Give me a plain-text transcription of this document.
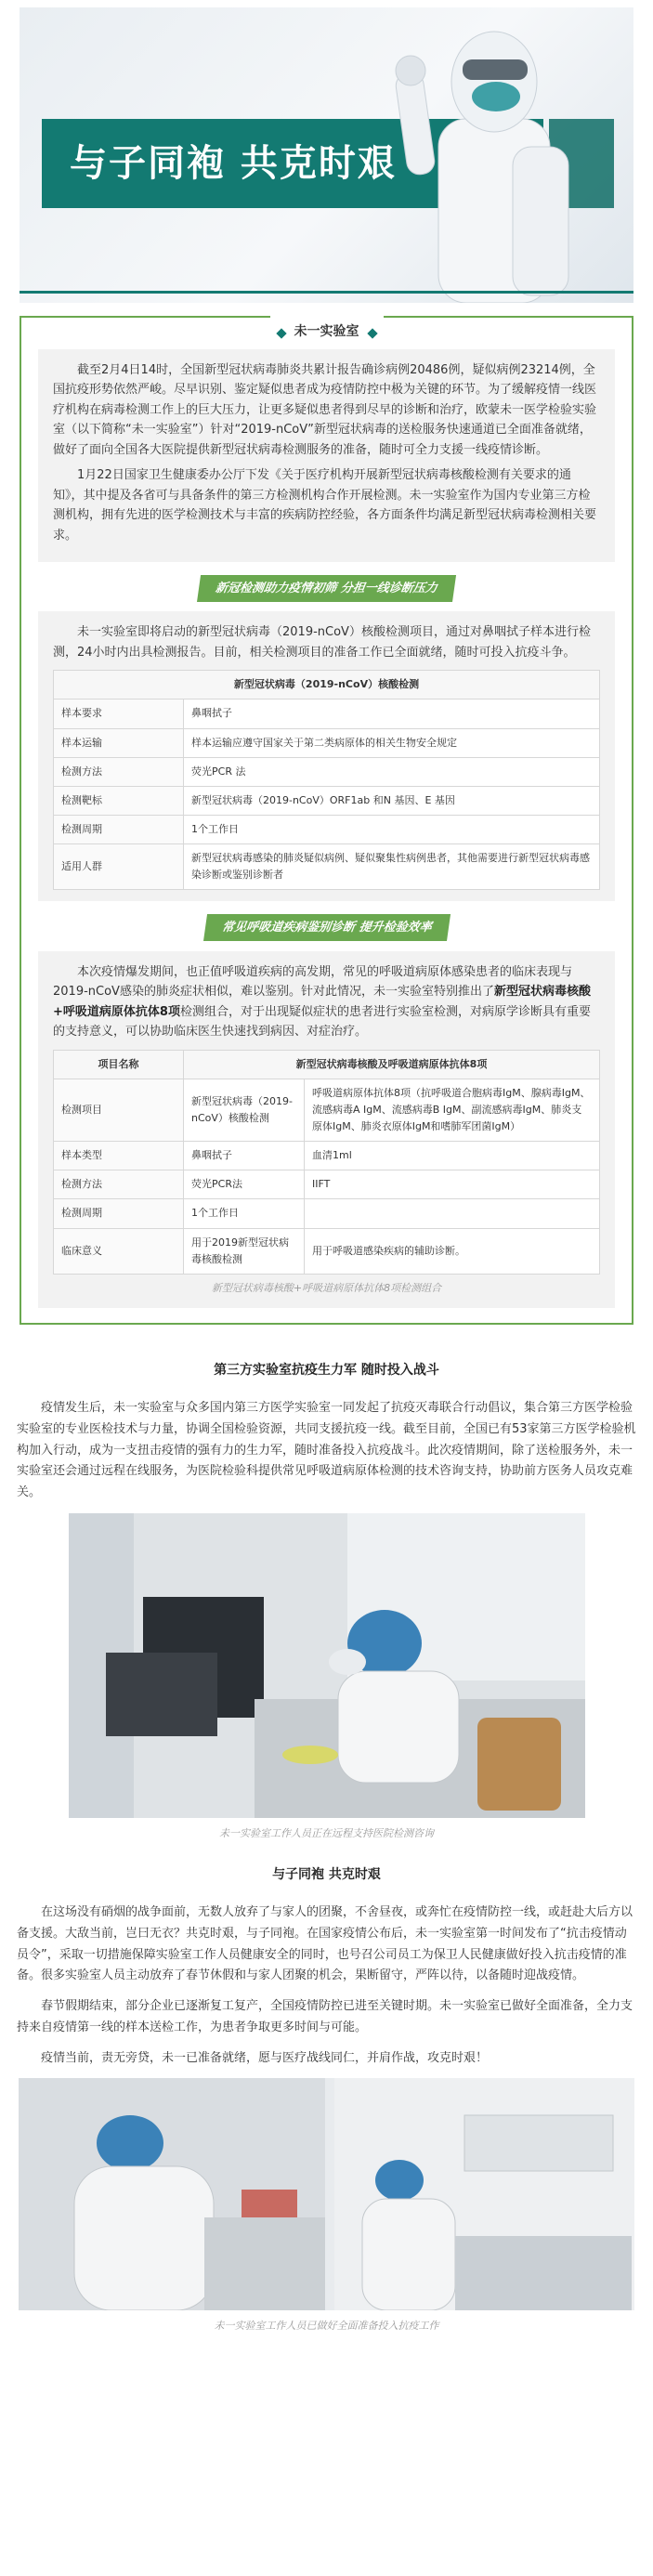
与子同袍 共克时艰
未一实验室

截至2月4日14时，全国新型冠状病毒肺炎共累计报告确诊病例20486例，疑似病例23214例，全国抗疫形势依然严峻。尽早识别、鉴定疑似患者成为疫情防控中极为关键的环节。为了缓解疫情一线医疗机构在病毒检测工作上的巨大压力，让更多疑似患者得到尽早的诊断和治疗，欧蒙未一医学检验实验室（以下简称“未一实验室”）针对“2019-nCoV”新型冠状病毒的送检服务快速通道已全面准备就绪，做好了面向全国各大医院提供新型冠状病毒检测服务的准备，随时可全力支援一线疫情诊断。

1月22日国家卫生健康委办公厅下发《关于医疗机构开展新型冠状病毒核酸检测有关要求的通知》，其中提及各省可与具备条件的第三方检测机构合作开展检测。未一实验室作为国内专业第三方检测机构，拥有先进的医学检测技术与丰富的疾病防控经验，各方面条件均满足新型冠状病毒检测相关要求。

新冠检测助力疫情初筛 分担一线诊断压力

未一实验室即将启动的新型冠状病毒（2019-nCoV）核酸检测项目，通过对鼻咽拭子样本进行检测，24小时内出具检测报告。目前，相关检测项目的准备工作已全面就绪，随时可投入抗疫斗争。

新型冠状病毒（2019-nCoV）核酸检测	
样本要求	鼻咽拭子
样本运输	样本运输应遵守国家关于第二类病原体的相关生物安全规定
检测方法	荧光PCR 法
检测靶标	新型冠状病毒（2019-nCoV）ORF1ab 和N 基因、E 基因
检测周期	1个工作日
适用人群	新型冠状病毒感染的肺炎疑似病例、疑似聚集性病例患者，其他需要进行新型冠状病毒感染诊断或鉴别诊断者
常见呼吸道疾病鉴别诊断 提升检验效率

本次疫情爆发期间，也正值呼吸道疾病的高发期，常见的呼吸道病原体感染患者的临床表现与2019-nCoV感染的肺炎症状相似，难以鉴别。针对此情况，未一实验室特别推出了新型冠状病毒核酸+呼吸道病原体抗体8项检测组合，对于出现疑似症状的患者进行实验室检测，对病原学诊断具有重要的支持意义，可以协助临床医生快速找到病因、对症治疗。

项目名称	新型冠状病毒核酸及呼吸道病原体抗体8项	
检测项目	新型冠状病毒（2019-nCoV）核酸检测	呼吸道病原体抗体8项（抗呼吸道合胞病毒IgM、腺病毒IgM、流感病毒A IgM、流感病毒B IgM、副流感病毒IgM、肺炎支原体IgM、肺炎衣原体IgM和嗜肺军团菌IgM）
样本类型	鼻咽拭子	血清1ml
检测方法	荧光PCR法	IIFT
检测周期	1个工作日	
临床意义	用于2019新型冠状病毒核酸检测	用于呼吸道感染疾病的辅助诊断。
新型冠状病毒核酸+呼吸道病原体抗体8项检测组合
第三方实验室抗疫生力军 随时投入战斗

疫情发生后，未一实验室与众多国内第三方医学实验室一同发起了抗疫灭毒联合行动倡议，集合第三方医学检验实验室的专业医检技术与力量，协调全国检验资源，共同支援抗疫一线。截至目前，全国已有53家第三方医学检验机构加入行动，成为一支扭击疫情的强有力的生力军，随时准备投入抗疫战斗。此次疫情期间，除了送检服务外，未一实验室还会通过远程在线服务，为医院检验科提供常见呼吸道病原体检测的技术咨询支持，协助前方医务人员攻克难关。

未一实验室工作人员正在远程支持医院检测咨询
与子同袍 共克时艰

在这场没有硝烟的战争面前，无数人放弃了与家人的团聚，不舍昼夜，或奔忙在疫情防控一线，或赶赴大后方以备支援。大敌当前，岂曰无衣？共克时艰，与子同袍。在国家疫情公布后，未一实验室第一时间发布了“抗击疫情动员令”，采取一切措施保障实验室工作人员健康安全的同时，也号召公司员工为保卫人民健康做好投入抗击疫情的准备。很多实验室人员主动放弃了春节休假和与家人团聚的机会，果断留守，严阵以待，以备随时迎战疫情。

春节假期结束，部分企业已逐渐复工复产，全国疫情防控已进至关键时期。未一实验室已做好全面准备，全力支持来自疫情第一线的样本送检工作，为患者争取更多时间与可能。

疫情当前，责无旁贷，未一已准备就绪，愿与医疗战线同仁，并肩作战，攻克时艰！

未一实验室工作人员已做好全面准备投入抗疫工作
